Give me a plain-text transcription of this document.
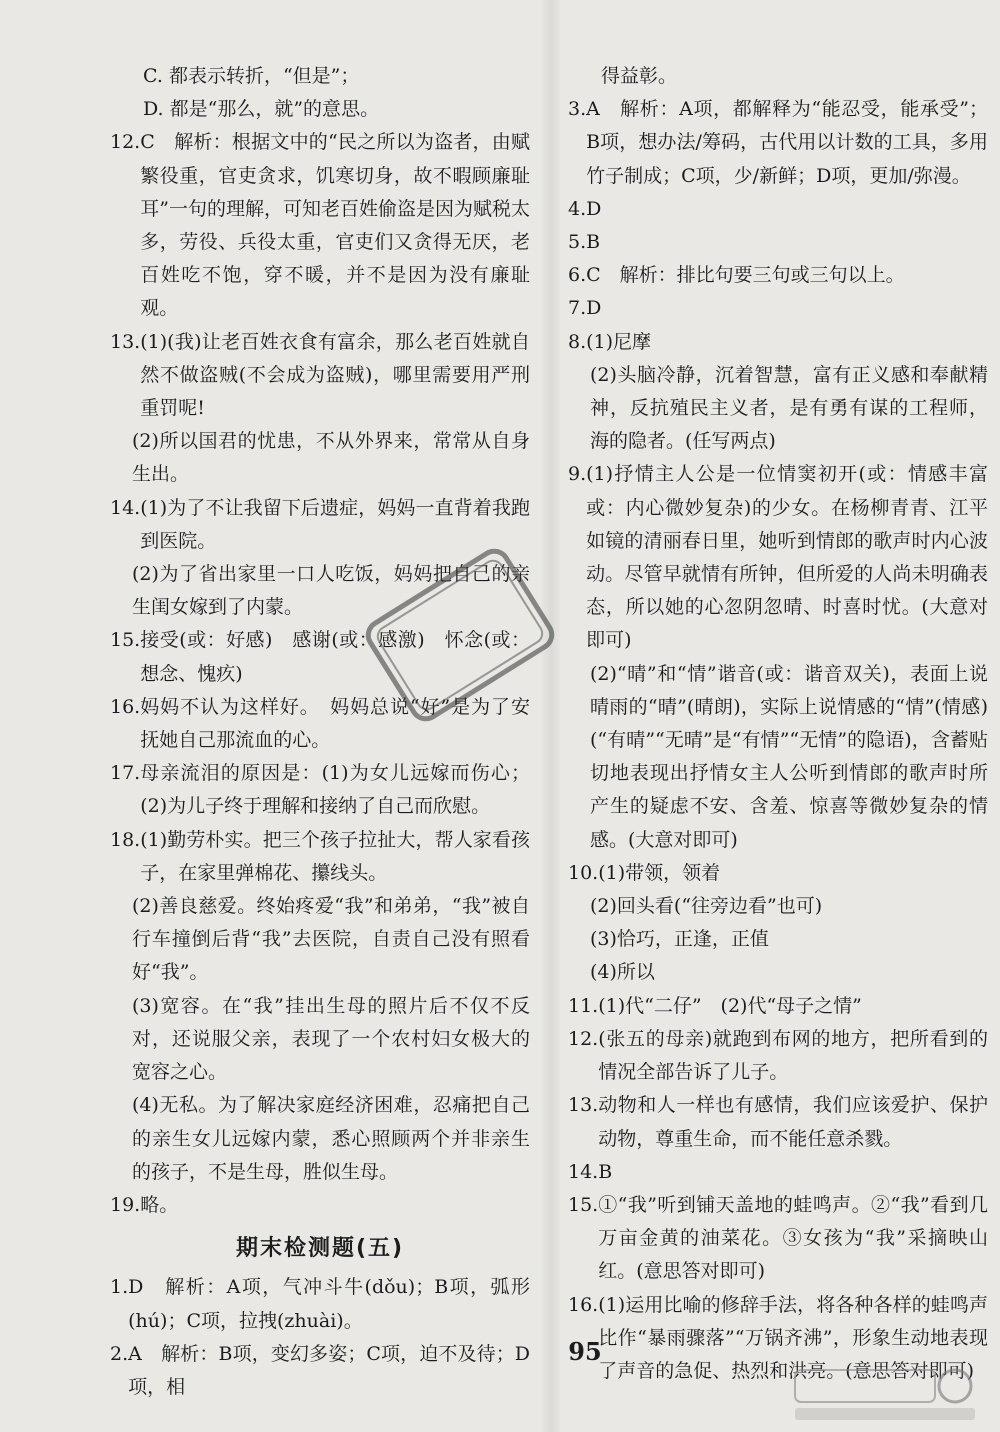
C. 都表示转折，“但是”；
D. 都是“那么，就”的意思。
12. C　解析：根据文中的“民之所以为盗者，由赋繁役重，官吏贪求，饥寒切身，故不暇顾廉耻耳”一句的理解，可知老百姓偷盗是因为赋税太多，劳役、兵役太重，官吏们又贪得无厌，老百姓吃不饱，穿不暖，并不是因为没有廉耻观。
13. (1)(我)让老百姓衣食有富余，那么老百姓就自然不做盗贼(不会成为盗贼)，哪里需要用严刑重罚呢!
(2)所以国君的忧患，不从外界来，常常从自身生出。
14. (1)为了不让我留下后遗症，妈妈一直背着我跑到医院。
(2)为了省出家里一口人吃饭，妈妈把自己的亲生闺女嫁到了内蒙。
15. 接受(或：好感)　感谢(或：感激)　怀念(或：想念、愧疚)
16. 妈妈不认为这样好。　妈妈总说“好”是为了安抚她自己那流血的心。
17. 母亲流泪的原因是：(1)为女儿远嫁而伤心；(2)为儿子终于理解和接纳了自己而欣慰。
18. (1)勤劳朴实。把三个孩子拉扯大，帮人家看孩子，在家里弹棉花、攥线头。
(2)善良慈爱。终始疼爱“我”和弟弟，“我”被自行车撞倒后背“我”去医院，自责自己没有照看好“我”。
(3)宽容。在“我”挂出生母的照片后不仅不反对，还说服父亲，表现了一个农村妇女极大的宽容之心。
(4)无私。为了解决家庭经济困难，忍痛把自己的亲生女儿远嫁内蒙，悉心照顾两个并非亲生的孩子，不是生母，胜似生母。
19. 略。
期末检测题(五)
1. D　解析：A项，气冲斗牛(dǒu)；B项，弧形(hú)；C项，拉拽(zhuài)。
2. A　解析：B项，变幻多姿；C项，迫不及待；D项，相
得益彰。
3. A　解析：A项，都解释为“能忍受，能承受”；B项，想办法/筹码，古代用以计数的工具，多用竹子制成；C项，少/新鲜；D项，更加/弥漫。
4. D
5. B
6. C　解析：排比句要三句或三句以上。
7. D
8. (1)尼摩
(2)头脑冷静，沉着智慧，富有正义感和奉献精神，反抗殖民主义者，是有勇有谋的工程师，海的隐者。(任写两点)
9. (1)抒情主人公是一位情窦初开(或：情感丰富或：内心微妙复杂)的少女。在杨柳青青、江平如镜的清丽春日里，她听到情郎的歌声时内心波动。尽管早就情有所钟，但所爱的人尚未明确表态，所以她的心忽阴忽晴、时喜时忧。(大意对即可)
(2)“晴”和“情”谐音(或：谐音双关)，表面上说晴雨的“晴”(晴朗)，实际上说情感的“情”(情感)(“有晴”“无晴”是“有情”“无情”的隐语)，含蓄贴切地表现出抒情女主人公听到情郎的歌声时所产生的疑虑不安、含羞、惊喜等微妙复杂的情感。(大意对即可)
10. (1)带领，领着
(2)回头看(“往旁边看”也可)
(3)恰巧，正逢，正值
(4)所以
11. (1)代“二仔”　(2)代“母子之情”
12. (张五的母亲)就跑到布网的地方，把所看到的情况全部告诉了儿子。
13. 动物和人一样也有感情，我们应该爱护、保护动物，尊重生命，而不能任意杀戮。
14. B
15. ①“我”听到铺天盖地的蛙鸣声。②“我”看到几万亩金黄的油菜花。③女孩为“我”采摘映山红。(意思答对即可)
16. (1)运用比喻的修辞手法，将各种各样的蛙鸣声比作“暴雨骤落”“万锅齐沸”，形象生动地表现了声音的急促、热烈和洪亮。(意思答对即可)
95
